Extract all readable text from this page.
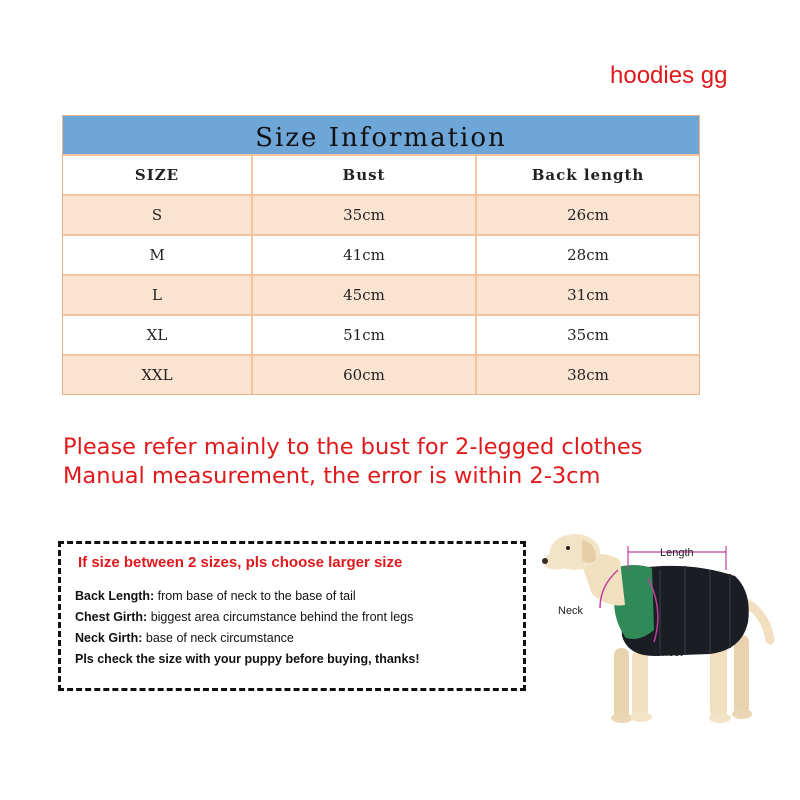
hoodies gg
Size Information
SIZE	Bust	Back length
S	35cm	26cm
M	41cm	28cm
L	45cm	31cm
XL	51cm	35cm
XXL	60cm	38cm
Please refer mainly to the bust for 2-legged clothes
Manual measurement, the error is within 2-3cm
If size between 2 sizes, pls choose larger size
Back Length: from base of neck to the base of tail
Chest Girth: biggest area circumstance behind the front legs
Neck Girth: base of neck circumstance
Pls check the size with your puppy before buying, thanks!
Length
Neck
Chest
